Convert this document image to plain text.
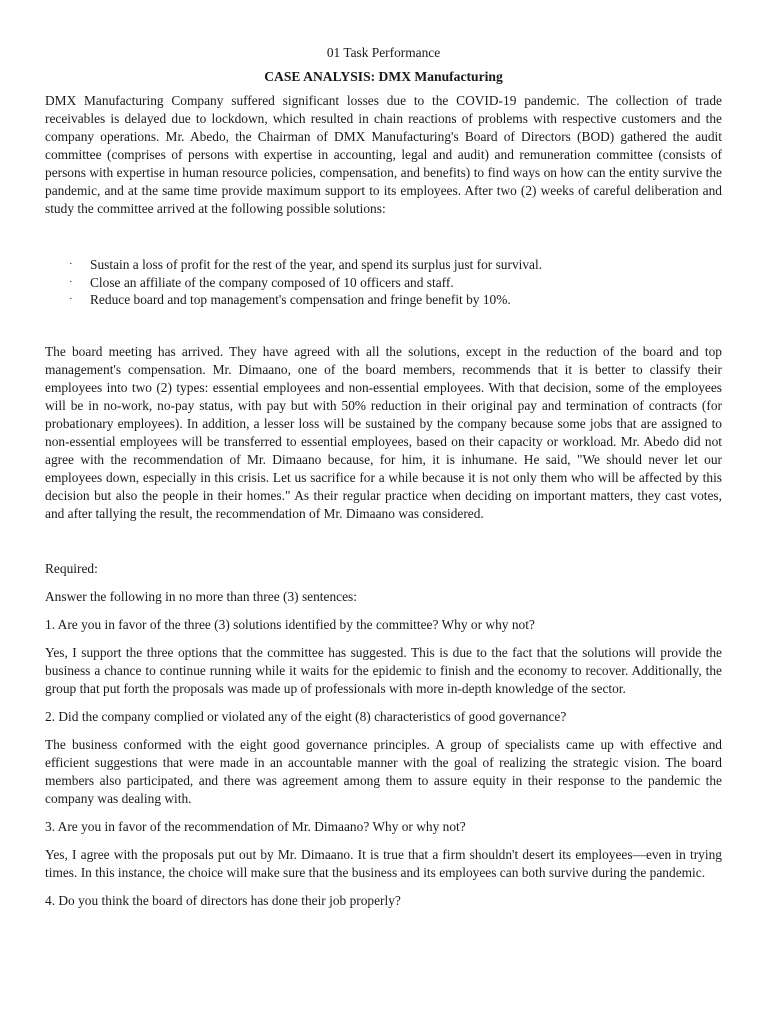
01 Task Performance
CASE ANALYSIS: DMX Manufacturing

DMX Manufacturing Company suffered significant losses due to the COVID-19 pandemic. The collection of trade receivables is delayed due to lockdown, which resulted in chain reactions of problems with respective customers and the company operations. Mr. Abedo, the Chairman of DMX Manufacturing's Board of Directors (BOD) gathered the audit committee (comprises of persons with expertise in accounting, legal and audit) and remuneration committee (consists of persons with expertise in human resource policies, compensation, and benefits) to find ways on how can the entity survive the pandemic, and at the same time provide maximum support to its employees. After two (2) weeks of careful deliberation and study the committee arrived at the following possible solutions:

· Sustain a loss of profit for the rest of the year, and spend its surplus just for survival.
· Close an affiliate of the company composed of 10 officers and staff.
· Reduce board and top management's compensation and fringe benefit by 10%.

The board meeting has arrived. They have agreed with all the solutions, except in the reduction of the board and top management's compensation. Mr. Dimaano, one of the board members, recommends that it is better to classify their employees into two (2) types: essential employees and non-essential employees. With that decision, some of the employees will be in no-work, no-pay status, with pay but with 50% reduction in their original pay and termination of contracts (for probationary employees). In addition, a lesser loss will be sustained by the company because some jobs that are assigned to non-essential employees will be transferred to essential employees, based on their capacity or workload. Mr. Abedo did not agree with the recommendation of Mr. Dimaano because, for him, it is inhumane. He said, "We should never let our employees down, especially in this crisis. Let us sacrifice for a while because it is not only them who will be affected by this decision but also the people in their homes." As their regular practice when deciding on important matters, they cast votes, and after tallying the result, the recommendation of Mr. Dimaano was considered.

Required:

Answer the following in no more than three (3) sentences:

1. Are you in favor of the three (3) solutions identified by the committee? Why or why not?

Yes, I support the three options that the committee has suggested. This is due to the fact that the solutions will provide the business a chance to continue running while it waits for the epidemic to finish and the economy to recover. Additionally, the group that put forth the proposals was made up of professionals with more in-depth knowledge of the sector.

2. Did the company complied or violated any of the eight (8) characteristics of good governance?

The business conformed with the eight good governance principles. A group of specialists came up with effective and efficient suggestions that were made in an accountable manner with the goal of realizing the strategic vision. The board members also participated, and there was agreement among them to assure equity in their response to the pandemic the company was dealing with.

3. Are you in favor of the recommendation of Mr. Dimaano? Why or why not?

Yes, I agree with the proposals put out by Mr. Dimaano. It is true that a firm shouldn't desert its employees—even in trying times. In this instance, the choice will make sure that the business and its employees can both survive during the pandemic.

4. Do you think the board of directors has done their job properly?
